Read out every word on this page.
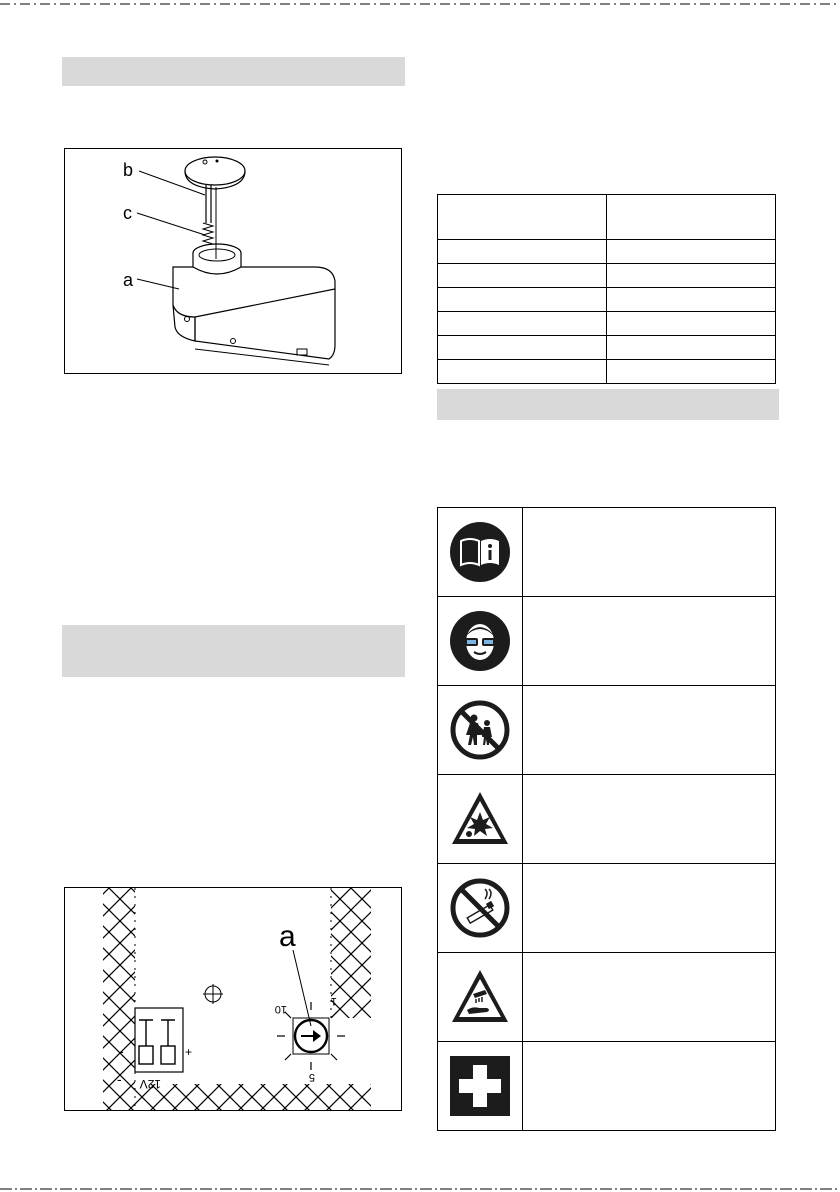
b
c
a
-	+
- 12V
1
10
5
a
